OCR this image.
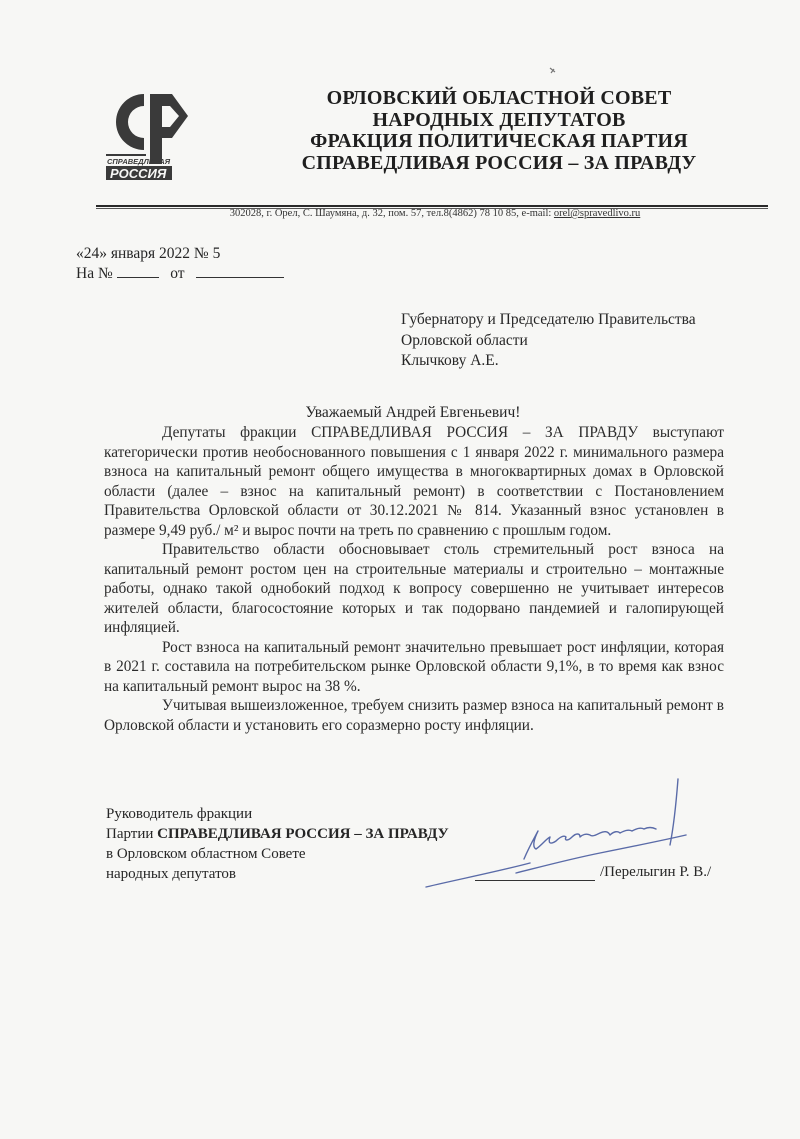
СПРАВЕДЛИВАЯ
РОССИЯ
ОРЛОВСКИЙ ОБЛАСТНОЙ СОВЕТ
НАРОДНЫХ ДЕПУТАТОВ
ФРАКЦИЯ ПОЛИТИЧЕСКАЯ ПАРТИЯ
СПРАВЕДЛИВАЯ РОССИЯ – ЗА ПРАВДУ
302028, г. Орел, С. Шаумяна, д. 32, пом. 57, тел.8(4862) 78 10 85, e-mail: orel@spravedlivo.ru
«24» января 2022 № 5
На №	от
Губернатору и Председателю Правительства
Орловской области
Клычкову А.Е.
Уважаемый Андрей Евгеньевич!

Депутаты фракции СПРАВЕДЛИВАЯ РОССИЯ – ЗА ПРАВДУ выступают категорически против необоснованного повышения с 1 января 2022 г. минимального размера взноса на капитальный ремонт общего имущества в многоквартирных домах в Орловской области (далее – взнос на капитальный ремонт) в соответствии с Постановлением Правительства Орловской области от 30.12.2021 № 814. Указанный взнос установлен в размере 9,49 руб./ м² и вырос почти на треть по сравнению с прошлым годом.

Правительство области обосновывает столь стремительный рост взноса на капитальный ремонт ростом цен на строительные материалы и строительно – монтажные работы, однако такой однобокий подход к вопросу совершенно не учитывает интересов жителей области, благосостояние которых и так подорвано пандемией и галопирующей инфляцией.

Рост взноса на капитальный ремонт значительно превышает рост инфляции, которая в 2021 г. составила на потребительском рынке Орловской области 9,1%, в то время как взнос на капитальный ремонт вырос на 38 %.

Учитывая вышеизложенное, требуем снизить размер взноса на капитальный ремонт в Орловской области и установить его соразмерно росту инфляции.

Руководитель фракции
Партии СПРАВЕДЛИВАЯ РОССИЯ – ЗА ПРАВДУ
в Орловском областном Совете
народных депутатов	/Перелыгин Р. В./
